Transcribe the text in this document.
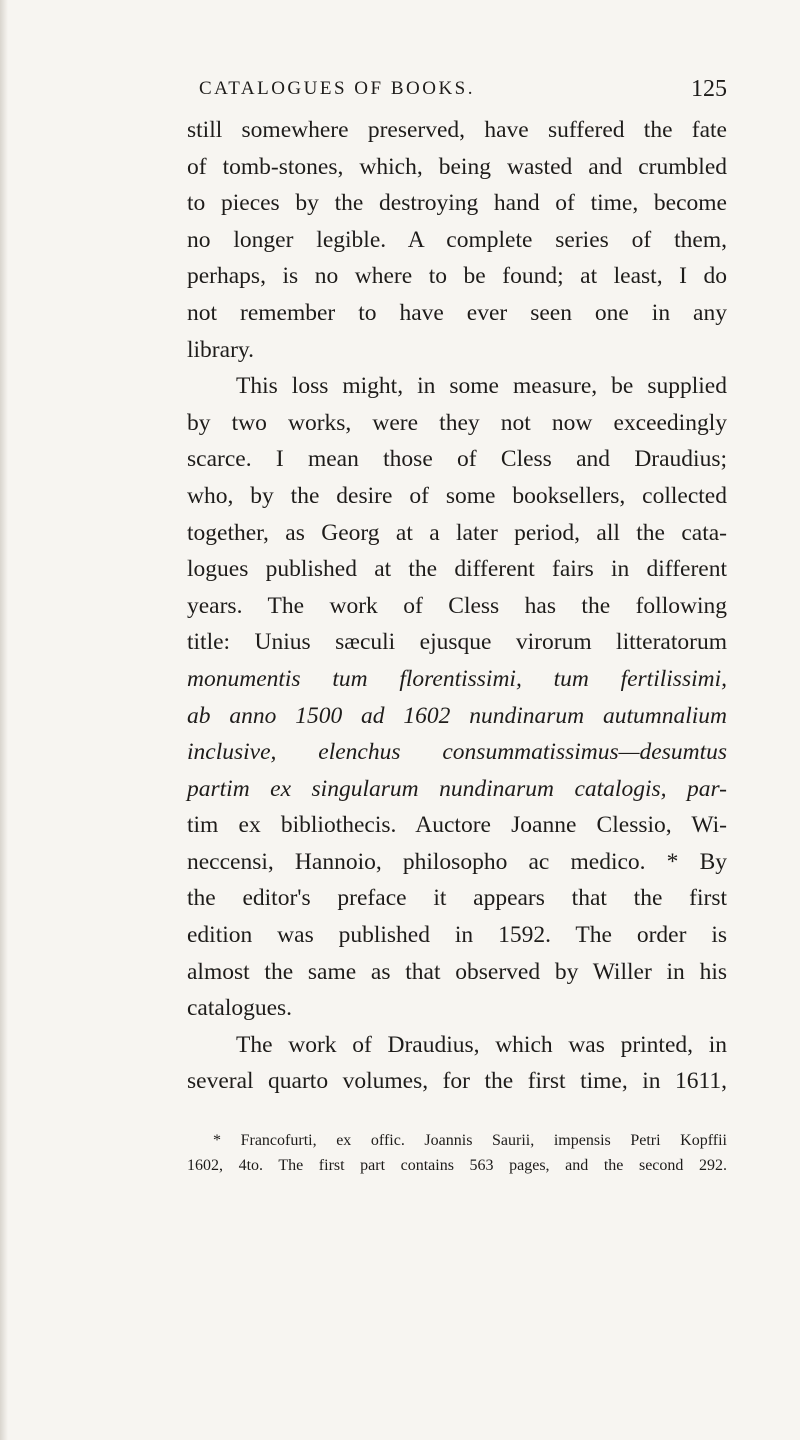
CATALOGUES OF BOOKS.	125
still somewhere preserved, have suffered the fate
of tomb-stones, which, being wasted and crumbled
to pieces by the destroying hand of time, become
no longer legible. A complete series of them,
perhaps, is no where to be found; at least, I do
not remember to have ever seen one in any
library.
This loss might, in some measure, be supplied
by two works, were they not now exceedingly
scarce. I mean those of Cless and Draudius;
who, by the desire of some booksellers, collected
together, as Georg at a later period, all the cata-
logues published at the different fairs in different
years. The work of Cless has the following
title: Unius sæculi ejusque virorum litteratorum
monumentis tum florentissimi, tum fertilissimi,
ab anno 1500 ad 1602 nundinarum autumnalium
inclusive, elenchus consummatissimus—desumtus
partim ex singularum nundinarum catalogis, par-
tim ex bibliothecis. Auctore Joanne Clessio, Wi-
neccensi, Hannoio, philosopho ac medico. * By
the editor's preface it appears that the first
edition was published in 1592. The order is
almost the same as that observed by Willer in his
catalogues.
The work of Draudius, which was printed, in
several quarto volumes, for the first time, in 1611,
* Francofurti, ex offic. Joannis Saurii, impensis Petri Kopffii
1602, 4to. The first part contains 563 pages, and the second 292.
